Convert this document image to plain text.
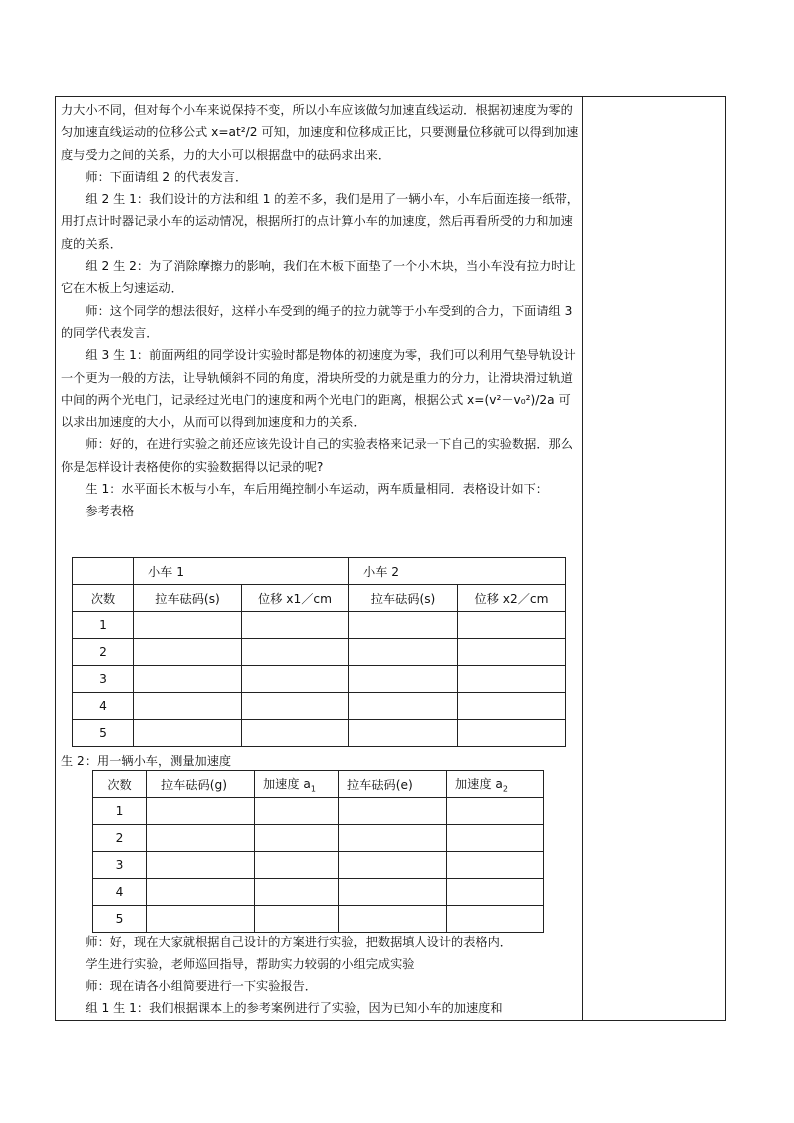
力大小不同，但对每个小车来说保持不变，所以小车应该做匀加速直线运动．根据初速度为零的匀加速直线运动的位移公式 x=at²/2 可知，加速度和位移成正比，只要测量位移就可以得到加速度与受力之间的关系，力的大小可以根据盘中的砝码求出来．

师：下面请组 2 的代表发言．

组 2 生 1：我们设计的方法和组 1 的差不多，我们是用了一辆小车，小车后面连接一纸带，用打点计时器记录小车的运动情况，根据所打的点计算小车的加速度，然后再看所受的力和加速度的关系．

组 2 生 2：为了消除摩擦力的影响，我们在木板下面垫了一个小木块，当小车没有拉力时让它在木板上匀速运动．

师：这个同学的想法很好，这样小车受到的绳子的拉力就等于小车受到的合力，下面请组 3 的同学代表发言．

组 3 生 1：前面两组的同学设计实验时都是物体的初速度为零，我们可以利用气垫导轨设计一个更为一般的方法，让导轨倾斜不同的角度，滑块所受的力就是重力的分力，让滑块滑过轨道中间的两个光电门，记录经过光电门的速度和两个光电门的距离，根据公式 x=(v²－v₀²)/2a 可以求出加速度的大小，从而可以得到加速度和力的关系．

师：好的，在进行实验之前还应该先设计自己的实验表格来记录一下自己的实验数据．那么你是怎样设计表格使你的实验数据得以记录的呢?

生 1：水平面长木板与小车，车后用绳控制小车运动，两车质量相同．表格设计如下：

参考表格

	小车 1		小车 2	
次数	拉车砝码(s)	位移 x1／cm	拉车砝码(s)	位移 x2／cm
1				
2				
3				
4				
5				
生 2：用一辆小车，测量加速度
次数	拉车砝码(g)	加速度 $a_1$	拉车砝码(e)	加速度 $a_2$
1				
2				
3				
4				
5				

师：好，现在大家就根据自己设计的方案进行实验，把数据填人设计的表格内．

学生进行实验，老师巡回指导，帮助实力较弱的小组完成实验

师：现在请各小组简要进行一下实验报告．

组 1 生 1：我们根据课本上的参考案例进行了实验，因为已知小车的加速度和
